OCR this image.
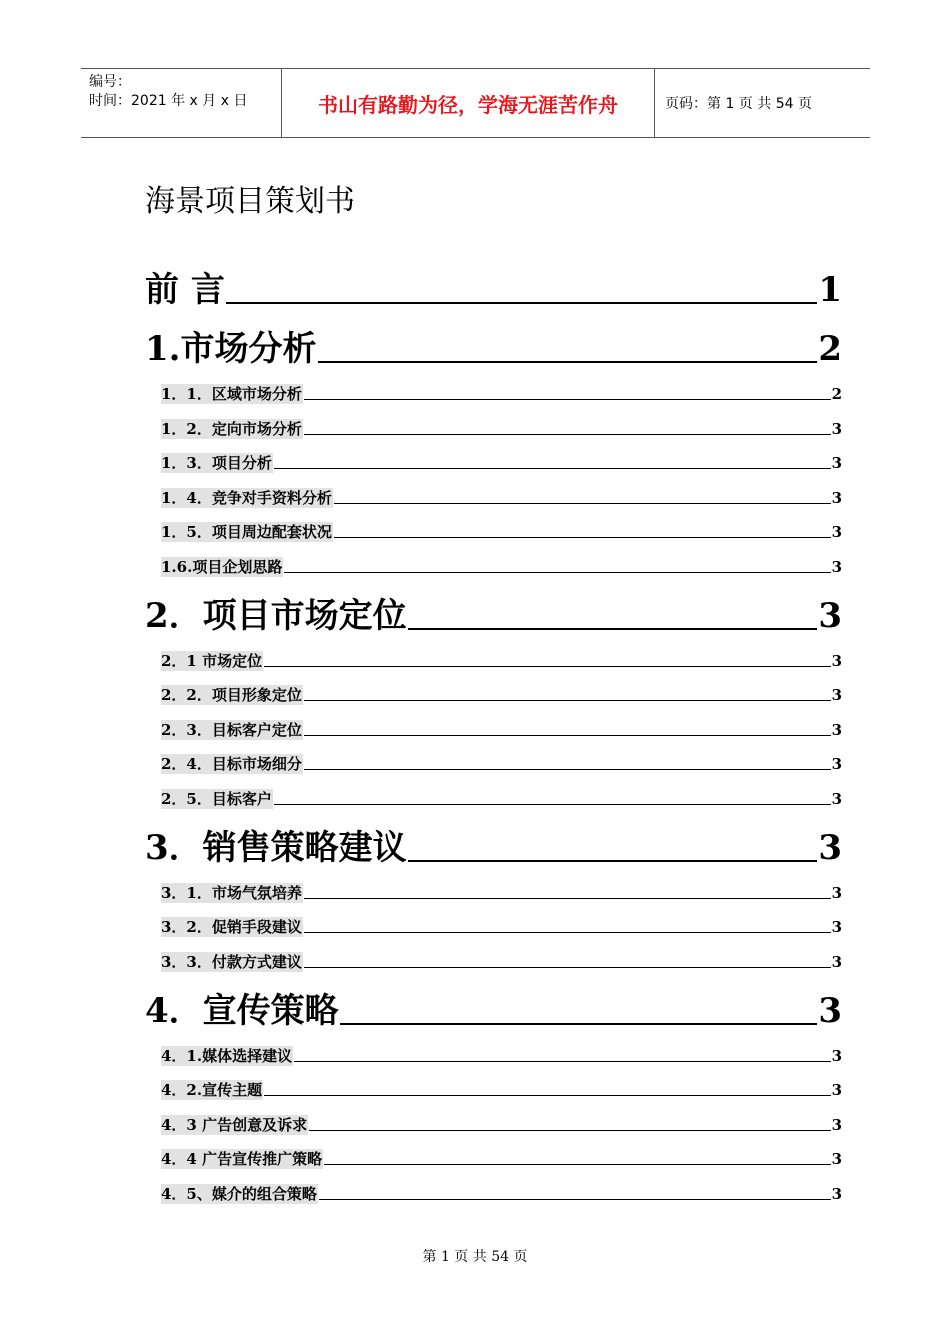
编号：
时间：2021 年 x 月 x 日	书山有路勤为径，学海无涯苦作舟	页码：第 1 页 共 54 页
海景项目策划书
前 言	1
1.市场分析	2
1．1．区域市场分析	2
1．2．定向市场分析	3
1．3．项目分析	3
1．4．竞争对手资料分析	3
1．5．项目周边配套状况	3
1.6.项目企划思路	3
2．项目市场定位	3
2．1 市场定位	3
2．2．项目形象定位	3
2．3．目标客户定位	3
2．4．目标市场细分	3
2．5．目标客户	3
3．销售策略建议	3
3．1．市场气氛培养	3
3．2．促销手段建议	3
3．3．付款方式建议	3
4．宣传策略	3
4．1.媒体选择建议	3
4．2.宣传主题	3
4．3 广告创意及诉求	3
4．4 广告宣传推广策略	3
4．5、媒介的组合策略	3
第 1 页 共 54 页
